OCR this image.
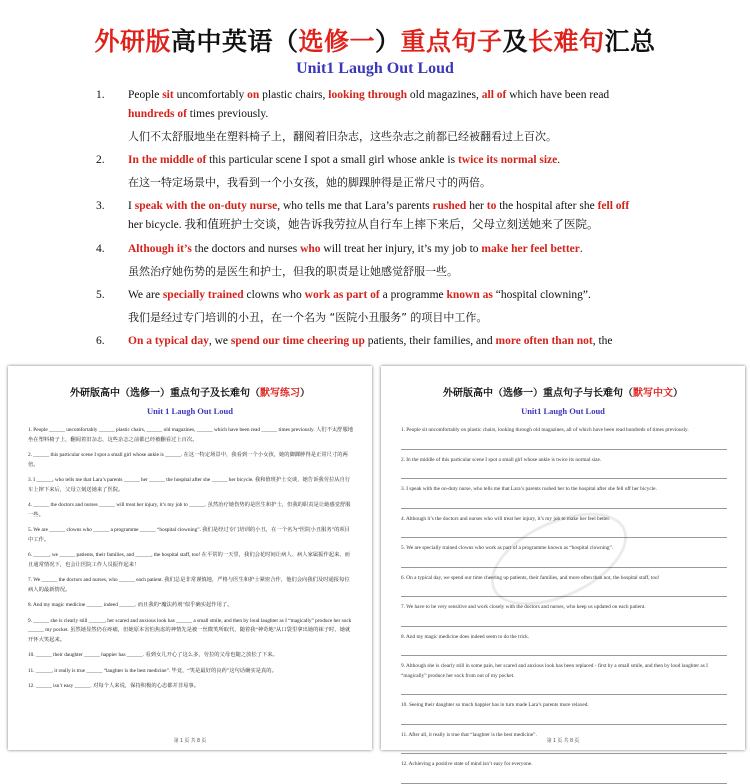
外研版高中英语（选修一）重点句子及长难句汇总
Unit1 Laugh Out Loud
1.People sit uncomfortably on plastic chairs, looking through old magazines, all of which have been read hundreds of times previously.
人们不太舒服地坐在塑料椅子上，翻阅着旧杂志，这些杂志之前都已经被翻看过上百次。
2.In the middle of this particular scene I spot a small girl whose ankle is twice its normal size.
在这一特定场景中，我看到一个小女孩，她的脚踝肿得是正常尺寸的两倍。
3.I speak with the on-duty nurse, who tells me that Lara’s parents rushed her to the hospital after she fell off her bicycle. 我和值班护士交谈，她告诉我劳拉从自行车上摔下来后，父母立刻送她来了医院。
4.Although it’s the doctors and nurses who will treat her injury, it’s my job to make her feel better.
虽然治疗她伤势的是医生和护士，但我的职责是让她感觉舒服一些。
5.We are specially trained clowns who work as part of a programme known as “hospital clowning”.
我们是经过专门培训的小丑，在一个名为 “医院小丑服务” 的项目中工作。
6.On a typical day, we spend our time cheering up patients, their families, and more often than not, the
外研版高中（选修一）重点句子及长难句（默写练习）
Unit 1 Laugh Out Loud
1. People ______ uncomfortably ______ plastic chairs, ______ old magazines, ______ which have been read ______ times previously. 人们不太舒服地坐在塑料椅子上，翻阅着旧杂志，这些杂志之前都已经被翻看过上百次。
2. ______ this particular scene I spot a small girl whose ankle is ______. 在这一特定场景中，我看到一个小女孩，她的脚踝肿得是正常尺寸的两倍。
3. I ______, who tells me that Lara’s parents ______ her ______ the hospital after she ______ her bicycle. 我和值班护士交谈，她告诉我劳拉从自行车上摔下来后，父母立刻送她来了医院。
4. ______ the doctors and nurses ______ will treat her injury, it’s my job to ______. 虽然治疗她伤势的是医生和护士，但我的职责是让她感觉舒服一些。
5. We are ______ clowns who ______ a programme ______ “hospital clowning”. 我们是经过专门培训的小丑，在一个名为“医院小丑服务”的项目中工作。
6. ______, we ______ patients, their families, and ______, the hospital staff, too! 在平常的一天里，我们会花时间让病人、病人家属振作起来，而且通常情况下，也会让医院工作人员振作起来！
7. We ______ the doctors and nurses, who ______ each patient. 我们总是非常谨慎地，严格与医生和护士紧密合作，他们会向我们及时通报每位病人的最新情况。
8. And my magic medicine ______ indeed ______. 而且我的“魔法药剂”似乎确实起作用了。
9. ______ she is clearly still ______, her scared and anxious look has ______ a small smile, and then by loud laughter as I “magically” produce her sock ______ my pocket. 虽然她显然仍在疼痛，但她原本害怕焦虑的神情先是被一丝微笑所取代，随着我“神奇地”从口袋里拿出她的袜子时，她就开怀大笑起来。
10. ______ their daughter ______ happier has ______. 看到女儿开心了这么多，劳拉的父母也随之放松了下来。
11. ______, it really is true ______ “laughter is the best medicine”. 毕竟，“笑是最好的良药”这句话确实是真的。
12. ______ isn’t easy ______. 对每个人来说，保持积极的心态都并非易事。
第 1 页 共 8 页
外研版高中（选修一）重点句子与长难句（默写中文）
Unit1 Laugh Out Loud
1. People sit uncomfortably on plastic chairs, looking through old magazines, all of which have been read hundreds of times previously.
2. In the middle of this particular scene I spot a small girl whose ankle is twice its normal size.
3. I speak with the on-duty nurse, who tells me that Lara’s parents rushed her to the hospital after she fell off her bicycle.
4. Although it’s the doctors and nurses who will treat her injury, it’s my job to make her feel better.
5. We are specially trained clowns who work as part of a programme known as “hospital clowning”.
6. On a typical day, we spend our time cheering up patients, their families, and more often than not, the hospital staff, too!
7. We have to be very sensitive and work closely with the doctors and nurses, who keep us updated on each patient.
8. And my magic medicine does indeed seem to do the trick.
9. Although she is clearly still in some pain, her scared and anxious look has been replaced - first by a small smile, and then by loud laughter as I “magically” produce her sock from out of my pocket.
10. Seeing their daughter so much happier has in turn made Lara’s parents more relaxed.
11. After all, it really is true that “laughter is the best medicine”.
12. Achieving a positive state of mind isn’t easy for everyone.
第 1 页 共 8 页
